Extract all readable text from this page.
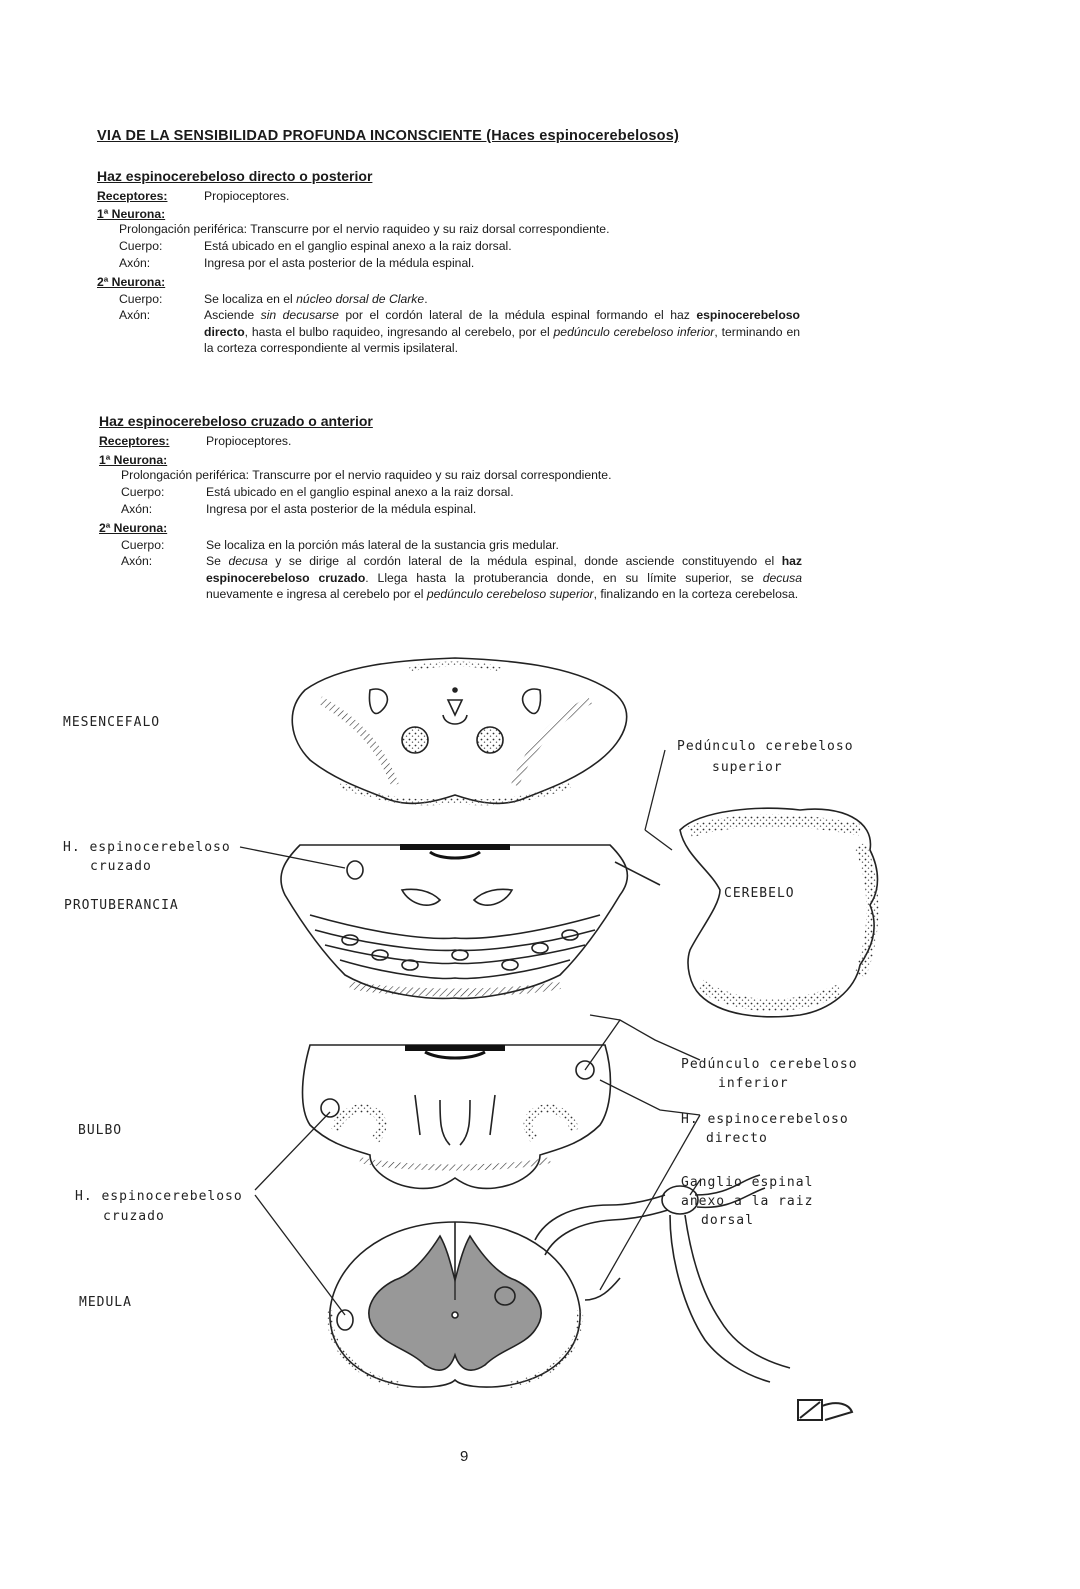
VIA DE LA SENSIBILIDAD PROFUNDA INCONSCIENTE (Haces espinocerebelosos)
Haz espinocerebeloso directo o posterior
Receptores:	Propioceptores.
1ª Neurona:
Prolongación periférica: Transcurre por el nervio raquideo y su raiz dorsal correspondiente.
Cuerpo:	Está ubicado en el ganglio espinal anexo a la raiz dorsal.
Axón:	Ingresa por el asta posterior de la médula espinal.
2ª Neurona:
Cuerpo:	Se localiza en el núcleo dorsal de Clarke.
Axón:	Asciende sin decusarse por el cordón lateral de la médula espinal formando el haz espinocerebeloso directo, hasta el bulbo raquideo, ingresando al cerebelo, por el pedúnculo cerebeloso inferior, terminando en la corteza correspondiente al vermis ipsilateral.
Haz espinocerebeloso cruzado o anterior
Receptores:	Propioceptores.
1ª Neurona:
Prolongación periférica: Transcurre por el nervio raquideo y su raiz dorsal correspondiente.
Cuerpo:	Está ubicado en el ganglio espinal anexo a la raiz dorsal.
Axón:	Ingresa por el asta posterior de la médula espinal.
2ª Neurona:
Cuerpo:	Se localiza en la porción más lateral de la sustancia gris medular.
Axón:	Se decusa y se dirige al cordón lateral de la médula espinal, donde asciende constituyendo el haz espinocerebeloso cruzado. Llega hasta la protuberancia donde, en su límite superior, se decusa nuevamente e ingresa al cerebelo por el pedúnculo cerebeloso superior, finalizando en la corteza cerebelosa.
MESENCEFALO
PROTUBERANCIA
BULBO
MEDULA
CEREBELO
H. espinocerebeloso
cruzado
H. espinocerebeloso
cruzado
Pedúnculo cerebeloso
superior
Pedúnculo cerebeloso
inferior
H. espinocerebeloso
directo
Ganglio espinal
anexo a la raiz
dorsal
9
